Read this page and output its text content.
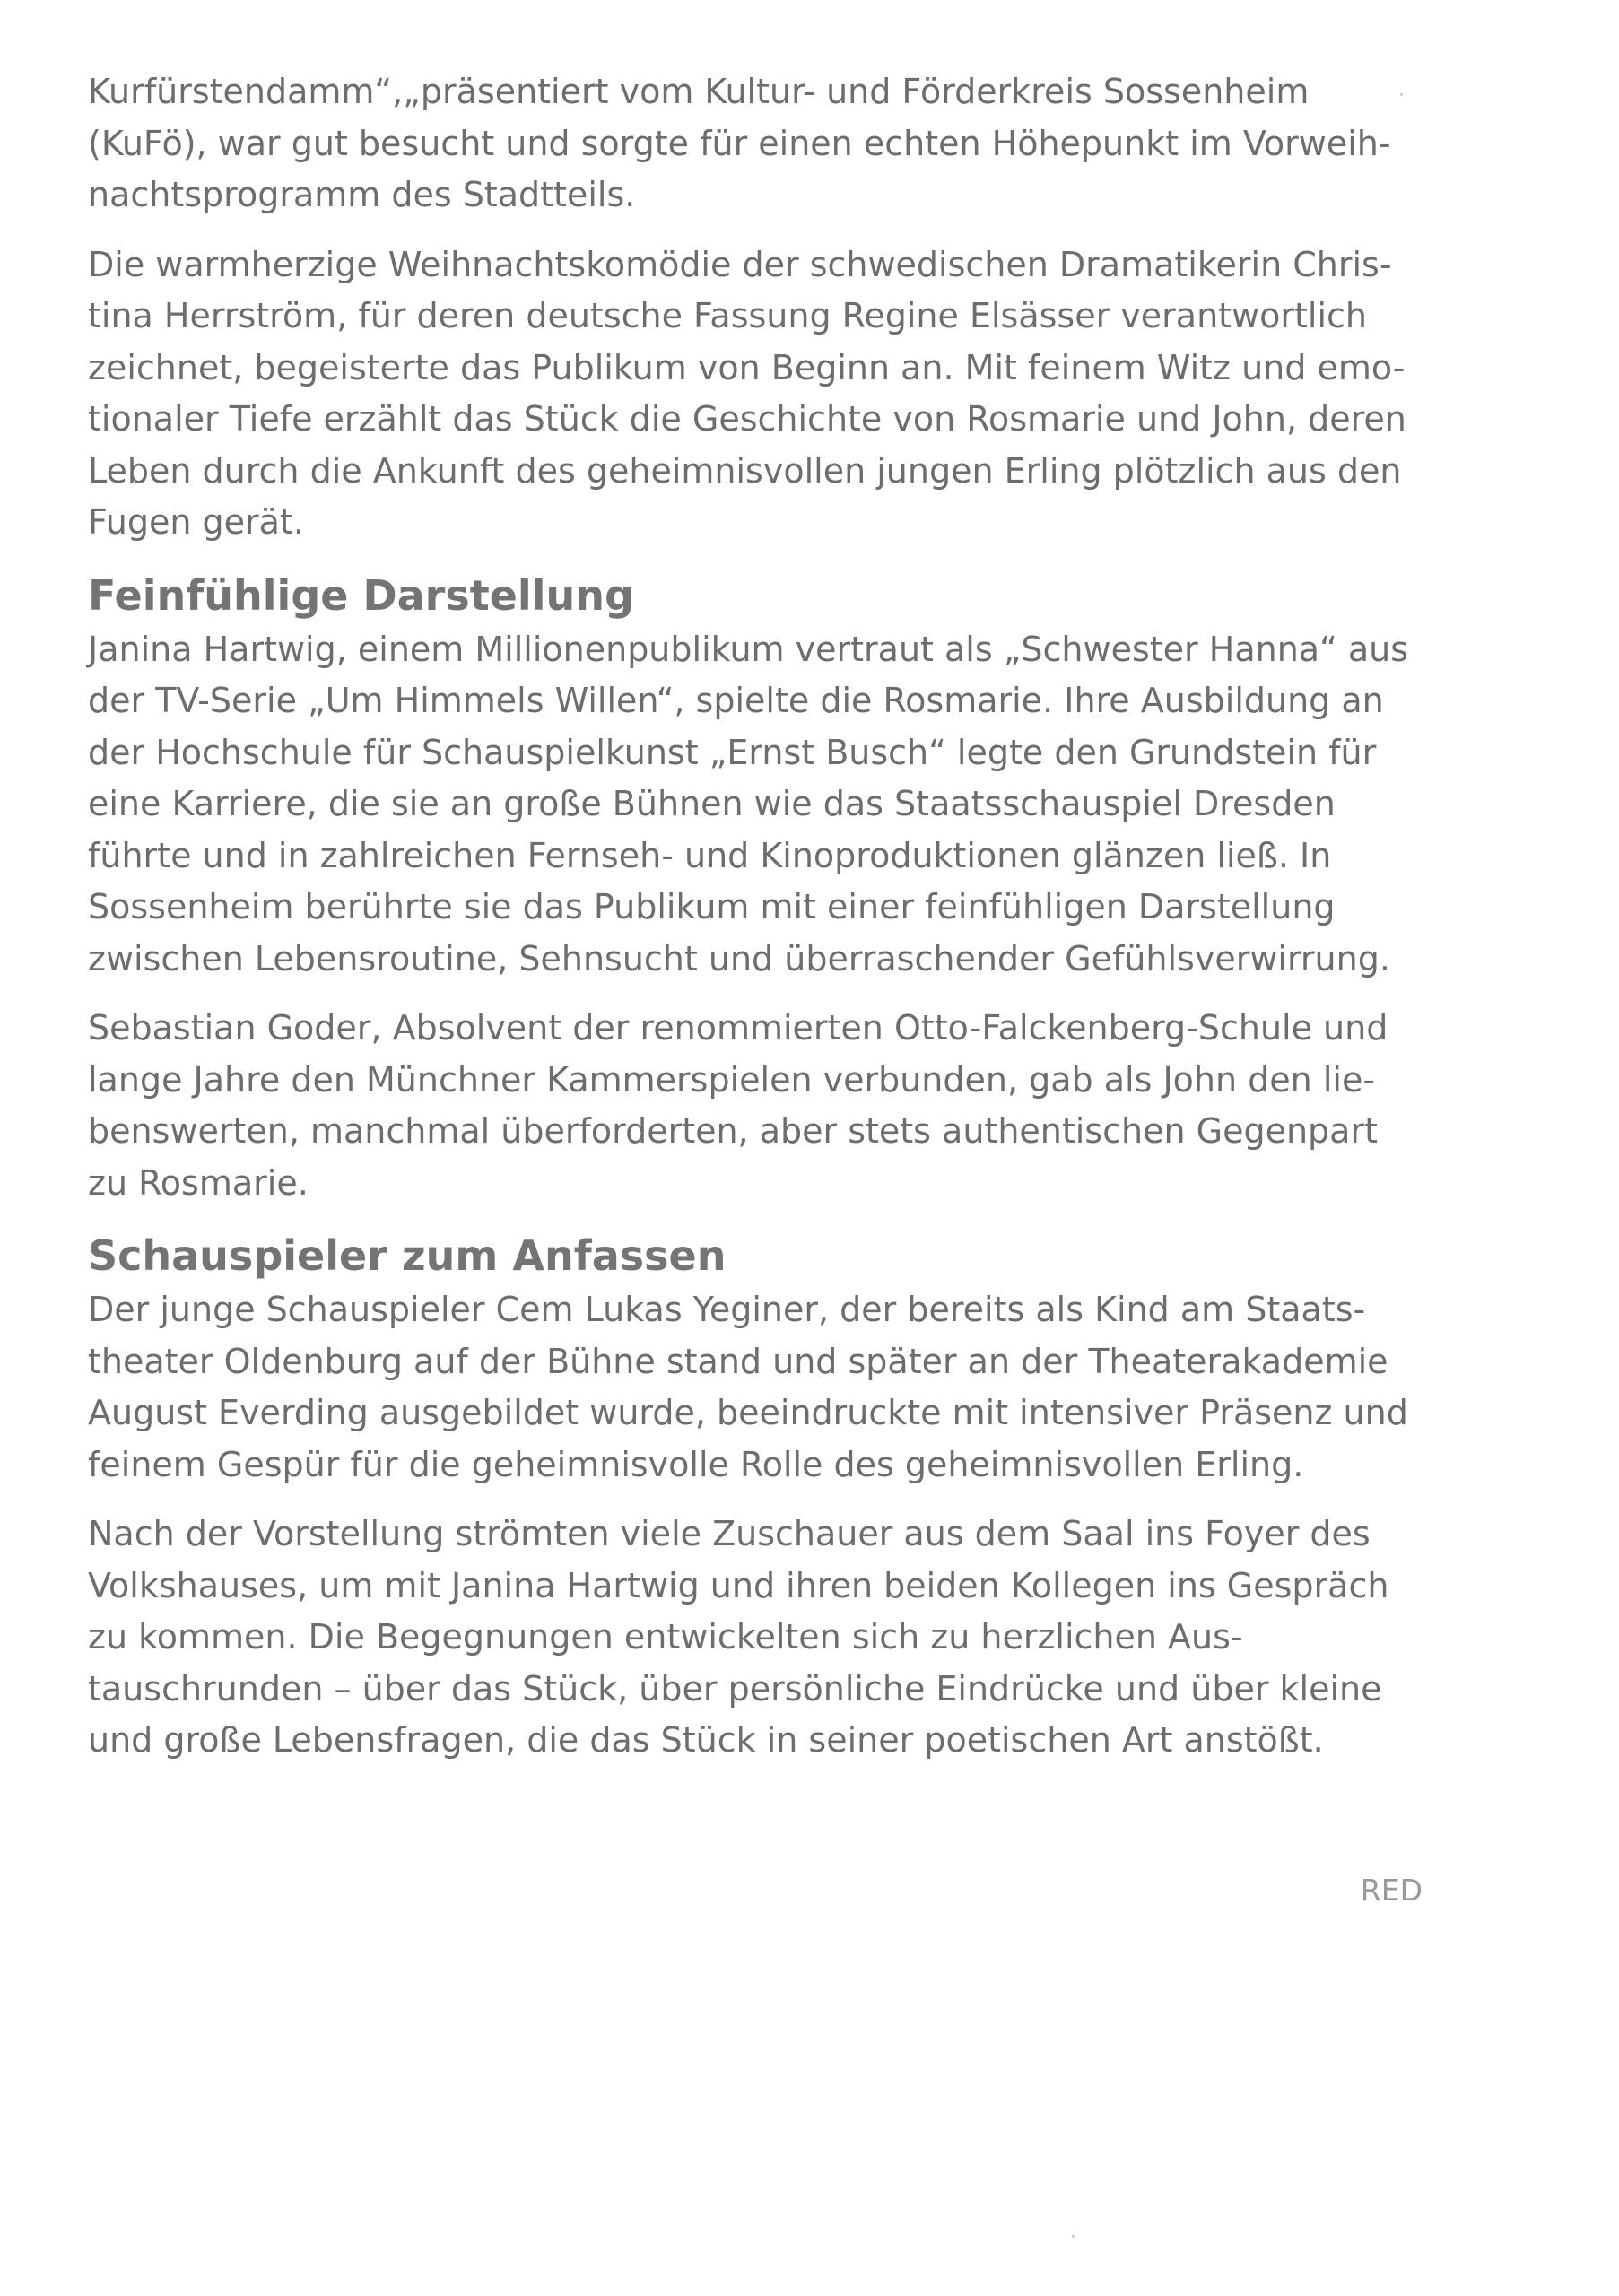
Kurfürstendamm“,„präsentiert vom Kultur- und Förderkreis Sossenheim
(KuFö), war gut besucht und sorgte für einen echten Höhepunkt im Vorweih-
nachtsprogramm des Stadtteils.
Die warmherzige Weihnachtskomödie der schwedischen Dramatikerin Chris-
tina Herrström, für deren deutsche Fassung Regine Elsässer verantwortlich
zeichnet, begeisterte das Publikum von Beginn an. Mit feinem Witz und emo-
tionaler Tiefe erzählt das Stück die Geschichte von Rosmarie und John, deren
Leben durch die Ankunft des geheimnisvollen jungen Erling plötzlich aus den
Fugen gerät.
Feinfühlige Darstellung
Janina Hartwig, einem Millionenpublikum vertraut als „Schwester Hanna“ aus
der TV-Serie „Um Himmels Willen“, spielte die Rosmarie. Ihre Ausbildung an
der Hochschule für Schauspielkunst „Ernst Busch“ legte den Grundstein für
eine Karriere, die sie an große Bühnen wie das Staatsschauspiel Dresden
führte und in zahlreichen Fernseh- und Kinoproduktionen glänzen ließ. In
Sossenheim berührte sie das Publikum mit einer feinfühligen Darstellung
zwischen Lebensroutine, Sehnsucht und überraschender Gefühlsverwirrung.
Sebastian Goder, Absolvent der renommierten Otto-Falckenberg-Schule und
lange Jahre den Münchner Kammerspielen verbunden, gab als John den lie-
benswerten, manchmal überforderten, aber stets authentischen Gegenpart
zu Rosmarie.
Schauspieler zum Anfassen
Der junge Schauspieler Cem Lukas Yeginer, der bereits als Kind am Staats-
theater Oldenburg auf der Bühne stand und später an der Theaterakademie
August Everding ausgebildet wurde, beeindruckte mit intensiver Präsenz und
feinem Gespür für die geheimnisvolle Rolle des geheimnisvollen Erling.
Nach der Vorstellung strömten viele Zuschauer aus dem Saal ins Foyer des
Volkshauses, um mit Janina Hartwig und ihren beiden Kollegen ins Gespräch
zu kommen. Die Begegnungen entwickelten sich zu herzlichen Aus-
tauschrunden – über das Stück, über persönliche Eindrücke und über kleine
und große Lebensfragen, die das Stück in seiner poetischen Art anstößt.
RED
